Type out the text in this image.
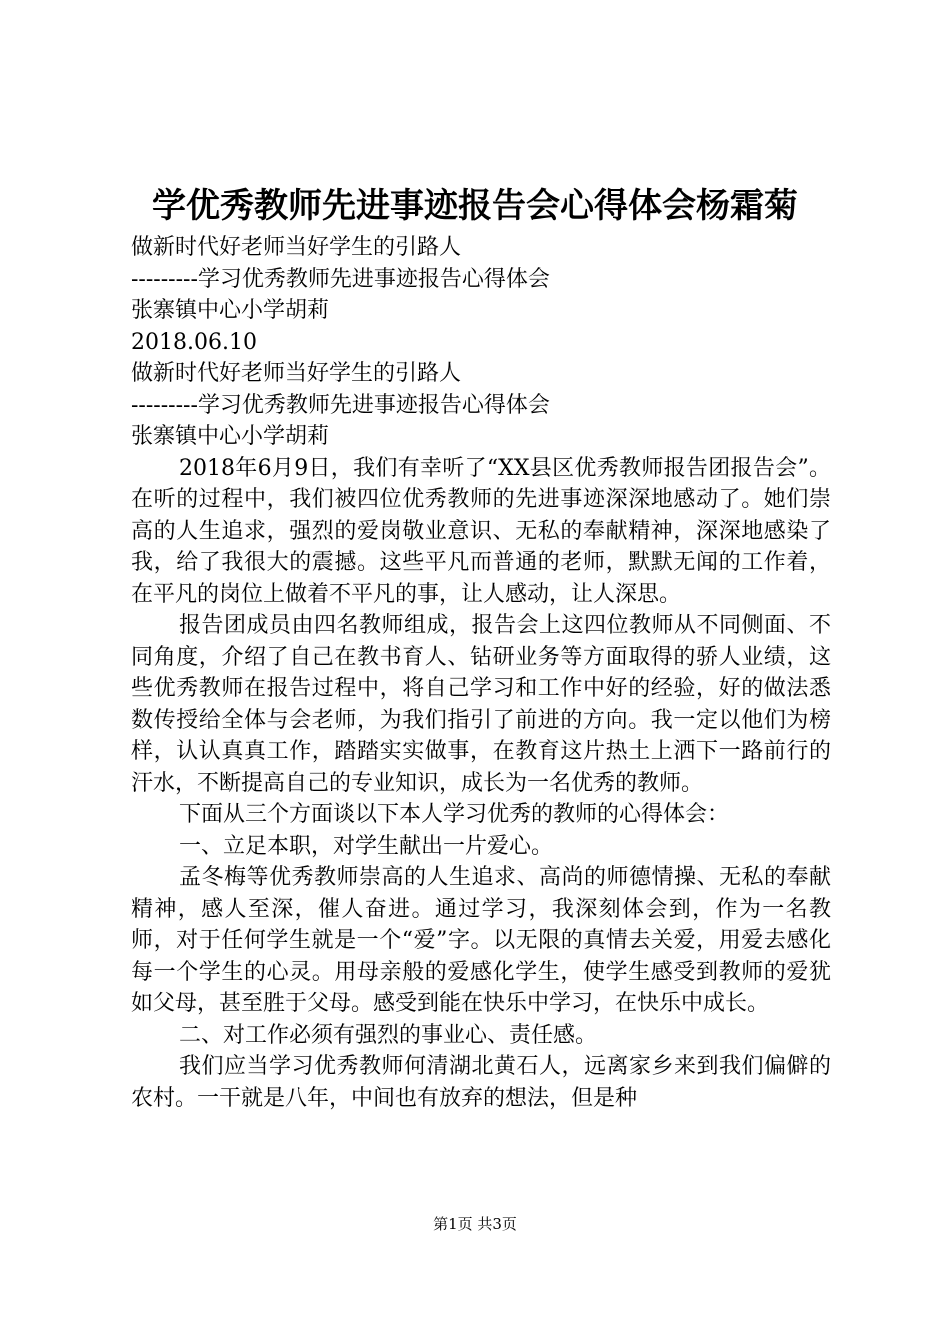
学优秀教师先进事迹报告会心得体会杨霜菊

做新时代好老师当好学生的引路人

---------学习优秀教师先进事迹报告心得体会

张寨镇中心小学胡莉

2018.06.10

做新时代好老师当好学生的引路人

---------学习优秀教师先进事迹报告心得体会

张寨镇中心小学胡莉

2018年6月9日，我们有幸听了“XX县区优秀教师报告团报告会”。在听的过程中，我们被四位优秀教师的先进事迹深深地感动了。她们崇高的人生追求，强烈的爱岗敬业意识、无私的奉献精神，深深地感染了我，给了我很大的震撼。这些平凡而普通的老师，默默无闻的工作着，在平凡的岗位上做着不平凡的事，让人感动，让人深思。

报告团成员由四名教师组成，报告会上这四位教师从不同侧面、不同角度，介绍了自己在教书育人、钻研业务等方面取得的骄人业绩，这些优秀教师在报告过程中，将自己学习和工作中好的经验，好的做法悉数传授给全体与会老师，为我们指引了前进的方向。我一定以他们为榜样，认认真真工作，踏踏实实做事，在教育这片热土上洒下一路前行的汗水，不断提高自己的专业知识，成长为一名优秀的教师。

下面从三个方面谈以下本人学习优秀的教师的心得体会：

一、立足本职，对学生献出一片爱心。

孟冬梅等优秀教师崇高的人生追求、高尚的师德情操、无私的奉献精神，感人至深，催人奋进。通过学习，我深刻体会到，作为一名教师，对于任何学生就是一个“爱”字。以无限的真情去关爱，用爱去感化每一个学生的心灵。用母亲般的爱感化学生，使学生感受到教师的爱犹如父母，甚至胜于父母。感受到能在快乐中学习，在快乐中成长。

二、对工作必须有强烈的事业心、责任感。

我们应当学习优秀教师何清湖北黄石人，远离家乡来到我们偏僻的农村。一干就是八年，中间也有放弃的想法，但是种

第1页 共3页
